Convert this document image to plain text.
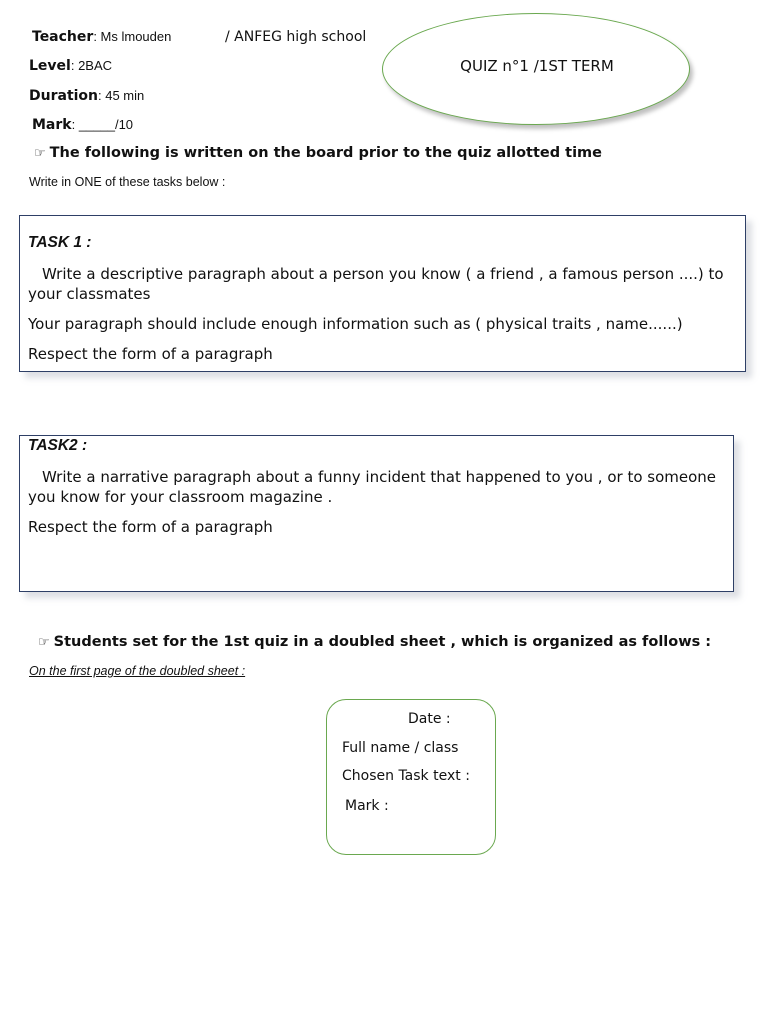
Teacher: Ms lmouden	/ ANFEG high school
Level: 2BAC
Duration: 45 min
Mark: _____/10
QUIZ n°1 /1ST TERM
☞ The following is written on the board prior to the quiz allotted time
Write in ONE of these tasks below :
TASK 1 :
Write a descriptive paragraph about a person you know ( a friend , a famous person ....) to your classmates
Your paragraph should include enough information such as ( physical traits , name......)
Respect the form of a paragraph
TASK2 :
Write a narrative paragraph about a funny incident that happened to you , or to someone you know for your classroom magazine .
Respect the form of a paragraph
☞ Students set for the 1st quiz in a doubled sheet , which is organized as follows :
On the first page of the doubled sheet :
Date :
Full name / class
Chosen Task text :
Mark :
